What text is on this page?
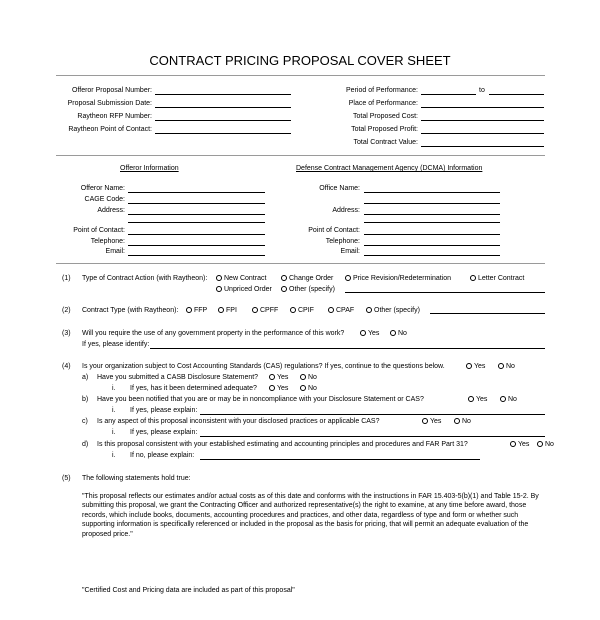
CONTRACT PRICING PROPOSAL COVER SHEET
Offeror Proposal Number:
Proposal Submission Date:
Raytheon RFP Number:
Raytheon Point of Contact:
Period of Performance:	to
Place of Performance:
Total Proposed Cost:
Total Proposed Profit:
Total Contract Value:
Offeror Information	Defense Contract Management Agency (DCMA) Information
Offeror Name:
CAGE Code:
Address:
Point of Contact:
Telephone:
Email:
Office Name:
Address:
Point of Contact:
Telephone:
Email:
(1) Type of Contract Action (with Raytheon):	New Contract	Change Order	Price Revision/Redetermination	Letter Contract
Unpriced Order	Other (specify)
(2) Contract Type (with Raytheon):	FFP	FPI	CPFF	CPIF	CPAF	Other (specify)
(3) Will you require the use of any government property in the performance of this work?	Yes	No
If yes, please identify:
(4) Is your organization subject to Cost Accounting Standards (CAS) regulations? If yes, continue to the questions below.	Yes	No
a) Have you submitted a CASB Disclosure Statement?	Yes	No
i. If yes, has it been determined adequate?	Yes	No
b) Have you been notified that you are or may be in noncompliance with your Disclosure Statement or CAS?	Yes	No
i. If yes, please explain:
c) Is any aspect of this proposal inconsistent with your disclosed practices or applicable CAS?	Yes	No
i. If yes, please explain:
d) Is this proposal consistent with your established estimating and accounting principles and procedures and FAR Part 31?	Yes	No
i. If no, please explain:
(5) The following statements hold true:
"This proposal reflects our estimates and/or actual costs as of this date and conforms with the instructions in FAR 15.403-5(b)(1) and Table 15-2. By submitting this proposal, we grant the Contracting Officer and authorized representative(s) the right to examine, at any time before award, those records, which include books, documents, accounting procedures and practices, and other data, regardless of type and form or whether such supporting information is specifically referenced or included in the proposal as the basis for pricing, that will permit an adequate evaluation of the proposed price."
"Certified Cost and Pricing data are included as part of this proposal"
